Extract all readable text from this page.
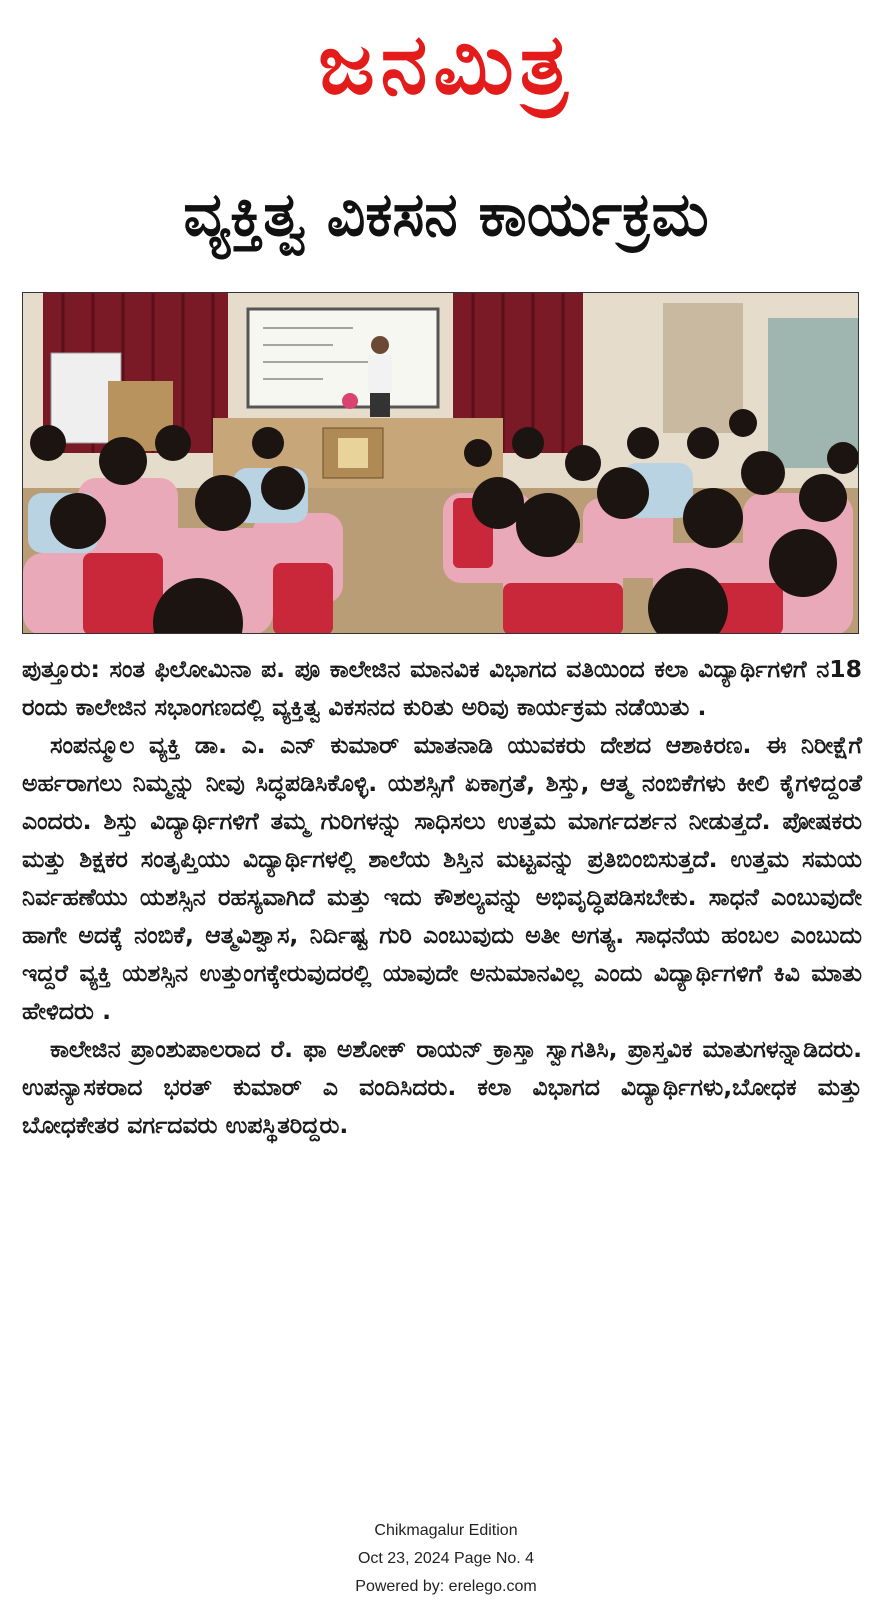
ಜನಮಿತ್ರ
ವ್ಯಕ್ತಿತ್ವ ವಿಕಸನ ಕಾರ್ಯಕ್ರಮ

ಪುತ್ತೂರು: ಸಂತ ಫಿಲೋಮಿನಾ ಪ. ಪೂ ಕಾಲೇಜಿನ ಮಾನವಿಕ ವಿಭಾಗದ ವತಿಯಿಂದ ಕಲಾ ವಿದ್ಯಾರ್ಥಿಗಳಿಗೆ ನ18 ರಂದು ಕಾಲೇಜಿನ ಸಭಾಂಗಣದಲ್ಲಿ ವ್ಯಕ್ತಿತ್ವ ವಿಕಸನದ ಕುರಿತು ಅರಿವು ಕಾರ್ಯಕ್ರಮ ನಡೆಯಿತು .

ಸಂಪನ್ಮೂಲ ವ್ಯಕ್ತಿ ಡಾ. ಎ. ಎನ್ ಕುಮಾರ್ ಮಾತನಾಡಿ ಯುವಕರು ದೇಶದ ಆಶಾಕಿರಣ. ಈ ನಿರೀಕ್ಷೆಗೆ ಅರ್ಹರಾಗಲು ನಿಮ್ಮನ್ನು ನೀವು ಸಿದ್ಧಪಡಿಸಿಕೊಳ್ಳಿ. ಯಶಸ್ಸಿಗೆ ಏಕಾಗ್ರತೆ, ಶಿಸ್ತು, ಆತ್ಮ ನಂಬಿಕೆಗಳು ಕೀಲಿ ಕೈಗಳಿದ್ದಂತೆ ಎಂದರು. ಶಿಸ್ತು ವಿದ್ಯಾರ್ಥಿಗಳಿಗೆ ತಮ್ಮ ಗುರಿಗಳನ್ನು ಸಾಧಿಸಲು ಉತ್ತಮ ಮಾರ್ಗದರ್ಶನ ನೀಡುತ್ತದೆ. ಪೋಷಕರು ಮತ್ತು ಶಿಕ್ಷಕರ ಸಂತೃಪ್ತಿಯು ವಿದ್ಯಾರ್ಥಿಗಳಲ್ಲಿ ಶಾಲೆಯ ಶಿಸ್ತಿನ ಮಟ್ಟವನ್ನು ಪ್ರತಿಬಿಂಬಿಸುತ್ತದೆ. ಉತ್ತಮ ಸಮಯ ನಿರ್ವಹಣೆಯು ಯಶಸ್ಸಿನ ರಹಸ್ಯವಾಗಿದೆ ಮತ್ತು ಇದು ಕೌಶಲ್ಯವನ್ನು ಅಭಿವೃದ್ಧಿಪಡಿಸಬೇಕು. ಸಾಧನೆ ಎಂಬುವುದೇ ಹಾಗೇ ಅದಕ್ಕೆ ನಂಬಿಕೆ, ಆತ್ಮವಿಶ್ವಾಸ, ನಿರ್ದಿಷ್ಟ ಗುರಿ ಎಂಬುವುದು ಅತೀ ಅಗತ್ಯ. ಸಾಧನೆಯ ಹಂಬಲ ಎಂಬುದು ಇದ್ದರೆ ವ್ಯಕ್ತಿ ಯಶಸ್ಸಿನ ಉತ್ತುಂಗಕ್ಕೇರುವುದರಲ್ಲಿ ಯಾವುದೇ ಅನುಮಾನವಿಲ್ಲ ಎಂದು ವಿದ್ಯಾರ್ಥಿಗಳಿಗೆ ಕಿವಿ ಮಾತು ಹೇಳಿದರು .

ಕಾಲೇಜಿನ ಪ್ರಾಂಶುಪಾಲರಾದ ರೆ. ಫಾ ಅಶೋಕ್ ರಾಯನ್ ಕ್ರಾಸ್ತಾ ಸ್ವಾಗತಿಸಿ, ಪ್ರಾಸ್ತವಿಕ ಮಾತುಗಳನ್ನಾಡಿದರು. ಉಪನ್ಯಾಸಕರಾದ ಭರತ್ ಕುಮಾರ್ ಎ ವಂದಿಸಿದರು. ಕಲಾ ವಿಭಾಗದ ವಿದ್ಯಾರ್ಥಿಗಳು,ಬೋಧಕ ಮತ್ತು ಬೋಧಕೇತರ ವರ್ಗದವರು ಉಪಸ್ಥಿತರಿದ್ದರು.

Chikmagalur Edition
Oct 23, 2024 Page No. 4
Powered by: erelego.com
